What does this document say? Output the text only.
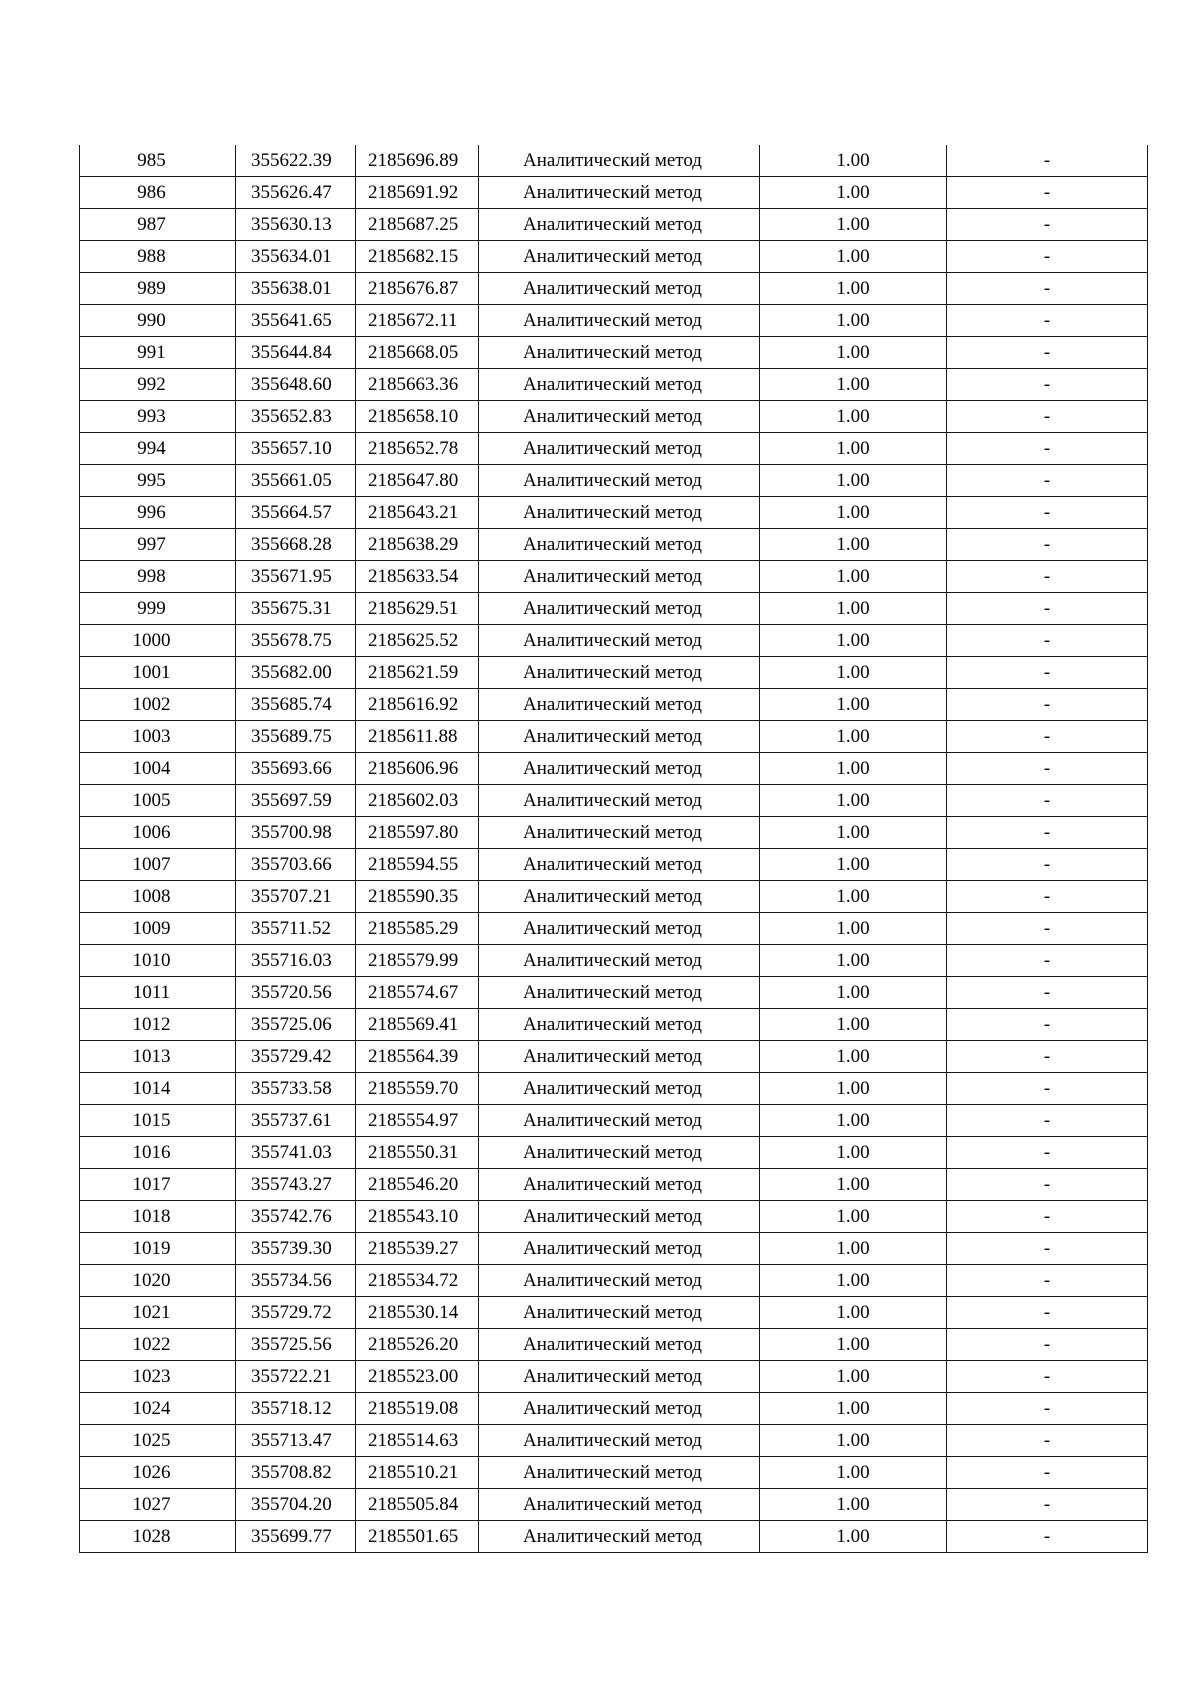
985	355622.39	2185696.89	Аналитический метод	1.00	-
986	355626.47	2185691.92	Аналитический метод	1.00	-
987	355630.13	2185687.25	Аналитический метод	1.00	-
988	355634.01	2185682.15	Аналитический метод	1.00	-
989	355638.01	2185676.87	Аналитический метод	1.00	-
990	355641.65	2185672.11	Аналитический метод	1.00	-
991	355644.84	2185668.05	Аналитический метод	1.00	-
992	355648.60	2185663.36	Аналитический метод	1.00	-
993	355652.83	2185658.10	Аналитический метод	1.00	-
994	355657.10	2185652.78	Аналитический метод	1.00	-
995	355661.05	2185647.80	Аналитический метод	1.00	-
996	355664.57	2185643.21	Аналитический метод	1.00	-
997	355668.28	2185638.29	Аналитический метод	1.00	-
998	355671.95	2185633.54	Аналитический метод	1.00	-
999	355675.31	2185629.51	Аналитический метод	1.00	-
1000	355678.75	2185625.52	Аналитический метод	1.00	-
1001	355682.00	2185621.59	Аналитический метод	1.00	-
1002	355685.74	2185616.92	Аналитический метод	1.00	-
1003	355689.75	2185611.88	Аналитический метод	1.00	-
1004	355693.66	2185606.96	Аналитический метод	1.00	-
1005	355697.59	2185602.03	Аналитический метод	1.00	-
1006	355700.98	2185597.80	Аналитический метод	1.00	-
1007	355703.66	2185594.55	Аналитический метод	1.00	-
1008	355707.21	2185590.35	Аналитический метод	1.00	-
1009	355711.52	2185585.29	Аналитический метод	1.00	-
1010	355716.03	2185579.99	Аналитический метод	1.00	-
1011	355720.56	2185574.67	Аналитический метод	1.00	-
1012	355725.06	2185569.41	Аналитический метод	1.00	-
1013	355729.42	2185564.39	Аналитический метод	1.00	-
1014	355733.58	2185559.70	Аналитический метод	1.00	-
1015	355737.61	2185554.97	Аналитический метод	1.00	-
1016	355741.03	2185550.31	Аналитический метод	1.00	-
1017	355743.27	2185546.20	Аналитический метод	1.00	-
1018	355742.76	2185543.10	Аналитический метод	1.00	-
1019	355739.30	2185539.27	Аналитический метод	1.00	-
1020	355734.56	2185534.72	Аналитический метод	1.00	-
1021	355729.72	2185530.14	Аналитический метод	1.00	-
1022	355725.56	2185526.20	Аналитический метод	1.00	-
1023	355722.21	2185523.00	Аналитический метод	1.00	-
1024	355718.12	2185519.08	Аналитический метод	1.00	-
1025	355713.47	2185514.63	Аналитический метод	1.00	-
1026	355708.82	2185510.21	Аналитический метод	1.00	-
1027	355704.20	2185505.84	Аналитический метод	1.00	-
1028	355699.77	2185501.65	Аналитический метод	1.00	-
